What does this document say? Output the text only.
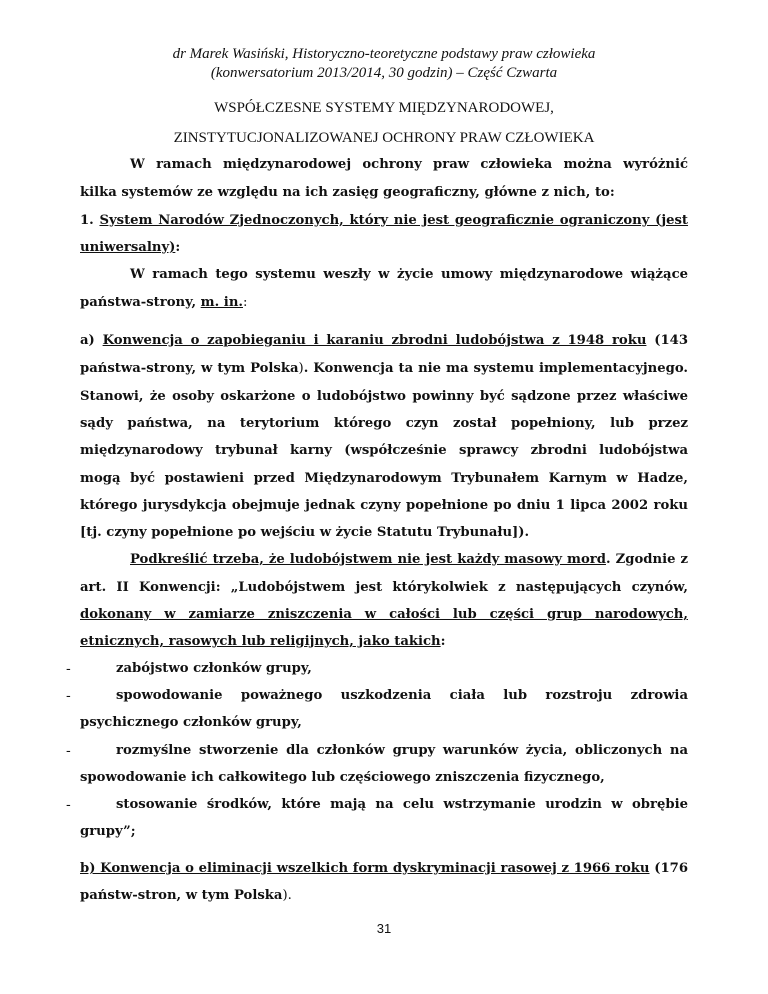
dr Marek Wasiński, Historyczno-teoretyczne podstawy praw człowieka
(konwersatorium 2013/2014, 30 godzin) – Część Czwarta
WSPÓŁCZESNE SYSTEMY MIĘDZYNARODOWEJ,
ZINSTYTUCJONALIZOWANEJ OCHRONY PRAW CZŁOWIEKA
W ramach międzynarodowej ochrony praw człowieka można wyróżnić
kilka systemów ze względu na ich zasięg geograficzny, główne z nich, to:
1. System Narodów Zjednoczonych, który nie jest geograficznie ograniczony (jest
uniwersalny):
W ramach tego systemu weszły w życie umowy międzynarodowe wiążące
państwa-strony, m. in.:
a) Konwencja o zapobieganiu i karaniu zbrodni ludobójstwa z 1948 roku (143
państwa-strony, w tym Polska). Konwencja ta nie ma systemu implementacyjnego.
Stanowi, że osoby oskarżone o ludobójstwo powinny być sądzone przez właściwe
sądy państwa, na terytorium którego czyn został popełniony, lub przez
międzynarodowy trybunał karny (współcześnie sprawcy zbrodni ludobójstwa
mogą być postawieni przed Międzynarodowym Trybunałem Karnym w Hadze,
którego jurysdykcja obejmuje jednak czyny popełnione po dniu 1 lipca 2002 roku
[tj. czyny popełnione po wejściu w życie Statutu Trybunału]).
Podkreślić trzeba, że ludobójstwem nie jest każdy masowy mord. Zgodnie z
art. II Konwencji: „Ludobójstwem jest którykolwiek z następujących czynów,
dokonany w zamiarze zniszczenia w całości lub części grup narodowych,
etnicznych, rasowych lub religijnych, jako takich:
-	zabójstwo członków grupy,
-	spowodowanie poważnego uszkodzenia ciała lub rozstroju zdrowia
psychicznego członków grupy,
-	rozmyślne stworzenie dla członków grupy warunków życia, obliczonych na
spowodowanie ich całkowitego lub częściowego zniszczenia fizycznego,
-	stosowanie środków, które mają na celu wstrzymanie urodzin w obrębie
grupy”;
b) Konwencja o eliminacji wszelkich form dyskryminacji rasowej z 1966 roku (176
państw-stron, w tym Polska).
31
